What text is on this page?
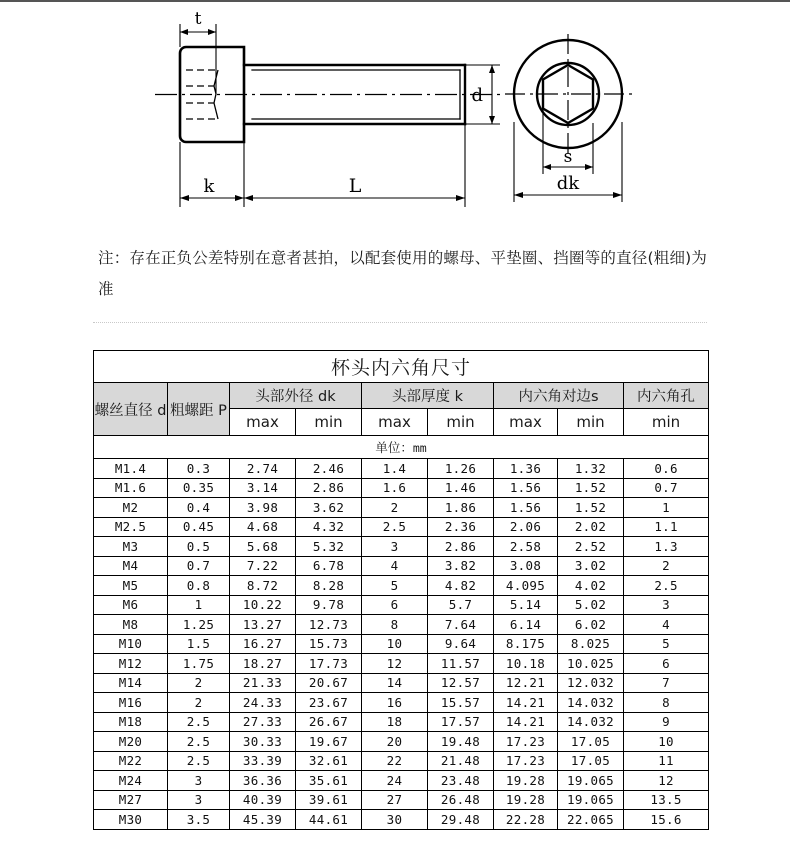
t
d
k	L
s
dk
注：存在正负公差特别在意者甚拍，以配套使用的螺母、平垫圈、挡圈等的直径(粗细)为准
杯头内六角尺寸								
螺丝直径 d	粗螺距 P	头部外径 dk		头部厚度 k		内六角对边s		内六角孔
		max	min	max	min	max	min	min
单位：mm								
M1.4	0.3	2.74	2.46	1.4	1.26	1.36	1.32	0.6
M1.6	0.35	3.14	2.86	1.6	1.46	1.56	1.52	0.7
M2	0.4	3.98	3.62	2	1.86	1.56	1.52	1
M2.5	0.45	4.68	4.32	2.5	2.36	2.06	2.02	1.1
M3	0.5	5.68	5.32	3	2.86	2.58	2.52	1.3
M4	0.7	7.22	6.78	4	3.82	3.08	3.02	2
M5	0.8	8.72	8.28	5	4.82	4.095	4.02	2.5
M6	1	10.22	9.78	6	5.7	5.14	5.02	3
M8	1.25	13.27	12.73	8	7.64	6.14	6.02	4
M10	1.5	16.27	15.73	10	9.64	8.175	8.025	5
M12	1.75	18.27	17.73	12	11.57	10.18	10.025	6
M14	2	21.33	20.67	14	12.57	12.21	12.032	7
M16	2	24.33	23.67	16	15.57	14.21	14.032	8
M18	2.5	27.33	26.67	18	17.57	14.21	14.032	9
M20	2.5	30.33	19.67	20	19.48	17.23	17.05	10
M22	2.5	33.39	32.61	22	21.48	17.23	17.05	11
M24	3	36.36	35.61	24	23.48	19.28	19.065	12
M27	3	40.39	39.61	27	26.48	19.28	19.065	13.5
M30	3.5	45.39	44.61	30	29.48	22.28	22.065	15.6
